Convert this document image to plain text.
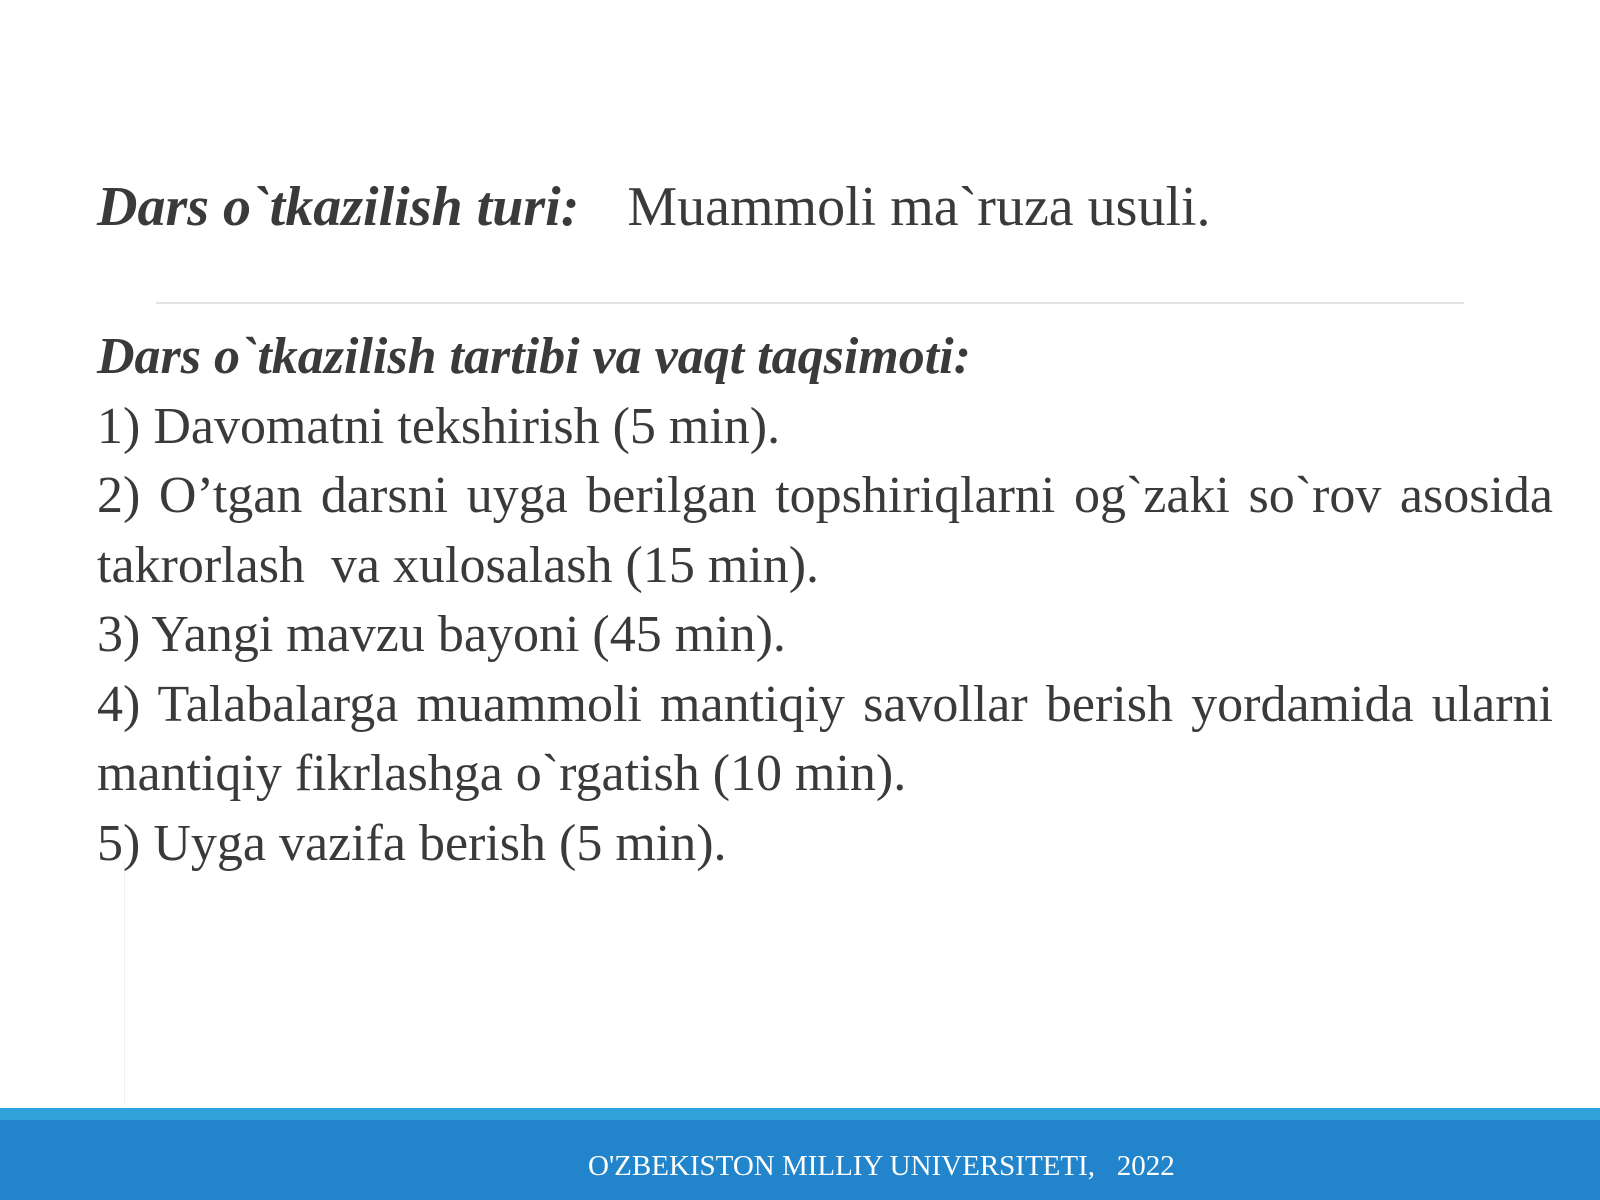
Dars o`tkazilish turi: Muammoli ma`ruza usuli.
Dars o`tkazilish tartibi va vaqt taqsimoti:

1) Davomatni tekshirish (5 min).

2) O’tgan darsni uyga berilgan topshiriqlarni og`zaki so`rov asosida takrorlash  va xulosalash (15 min).

3) Yangi mavzu bayoni (45 min).

4) Talabalarga muammoli mantiqiy savollar berish yordamida ularni mantiqiy fikrlashga o`rgatish (10 min).

5) Uyga vazifa berish (5 min).

O'ZBEKISTON MILLIY UNIVERSITETI,   2022
